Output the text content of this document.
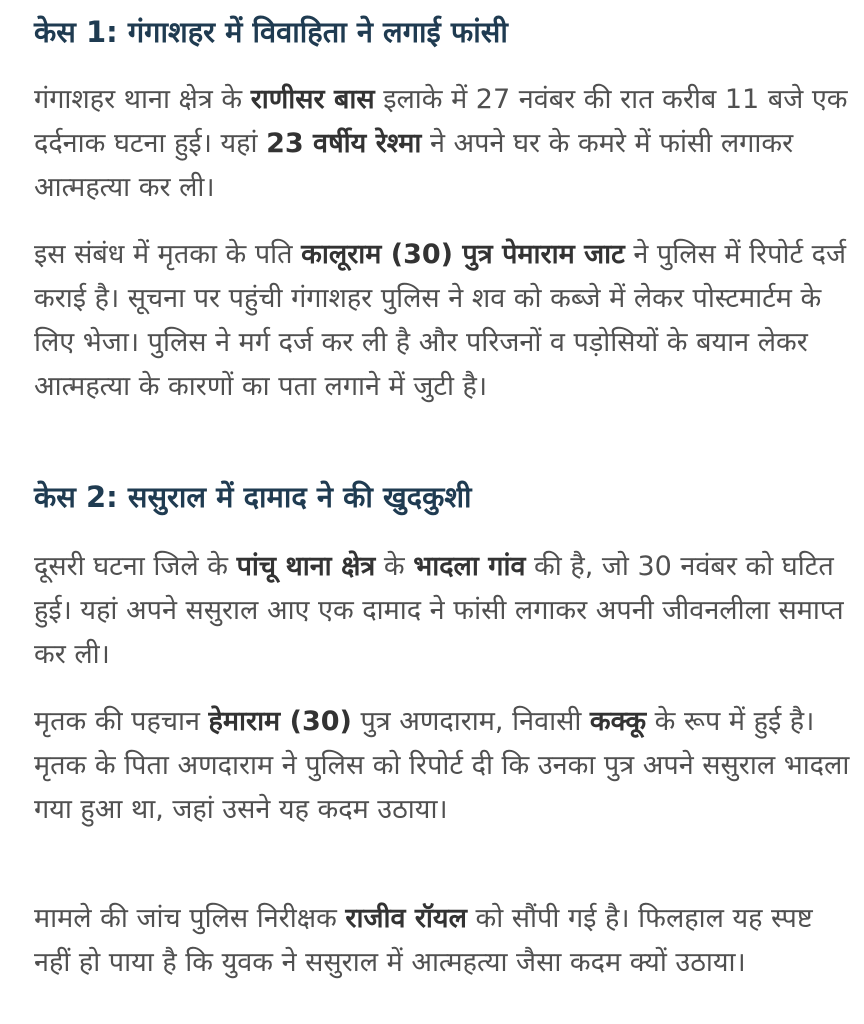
केस 1: गंगाशहर में विवाहिता ने लगाई फांसी

गंगाशहर थाना क्षेत्र के राणीसर बास इलाके में 27 नवंबर की रात करीब 11 बजे एक दर्दनाक घटना हुई। यहां 23 वर्षीय रेश्मा ने अपने घर के कमरे में फांसी लगाकर आत्महत्या कर ली।

इस संबंध में मृतका के पति कालूराम (30) पुत्र पेमाराम जाट ने पुलिस में रिपोर्ट दर्ज कराई है। सूचना पर पहुंची गंगाशहर पुलिस ने शव को कब्जे में लेकर पोस्टमार्टम के लिए भेजा। पुलिस ने मर्ग दर्ज कर ली है और परिजनों व पड़ोसियों के बयान लेकर आत्महत्या के कारणों का पता लगाने में जुटी है।

केस 2: ससुराल में दामाद ने की खुदकुशी

दूसरी घटना जिले के पांचू थाना क्षेत्र के भादला गांव की है, जो 30 नवंबर को घटित हुई। यहां अपने ससुराल आए एक दामाद ने फांसी लगाकर अपनी जीवनलीला समाप्त कर ली।

मृतक की पहचान हेमाराम (30) पुत्र अणदाराम, निवासी कक्कू के रूप में हुई है। मृतक के पिता अणदाराम ने पुलिस को रिपोर्ट दी कि उनका पुत्र अपने ससुराल भादला गया हुआ था, जहां उसने यह कदम उठाया।

मामले की जांच पुलिस निरीक्षक राजीव रॉयल को सौंपी गई है। फिलहाल यह स्पष्ट नहीं हो पाया है कि युवक ने ससुराल में आत्महत्या जैसा कदम क्यों उठाया।
